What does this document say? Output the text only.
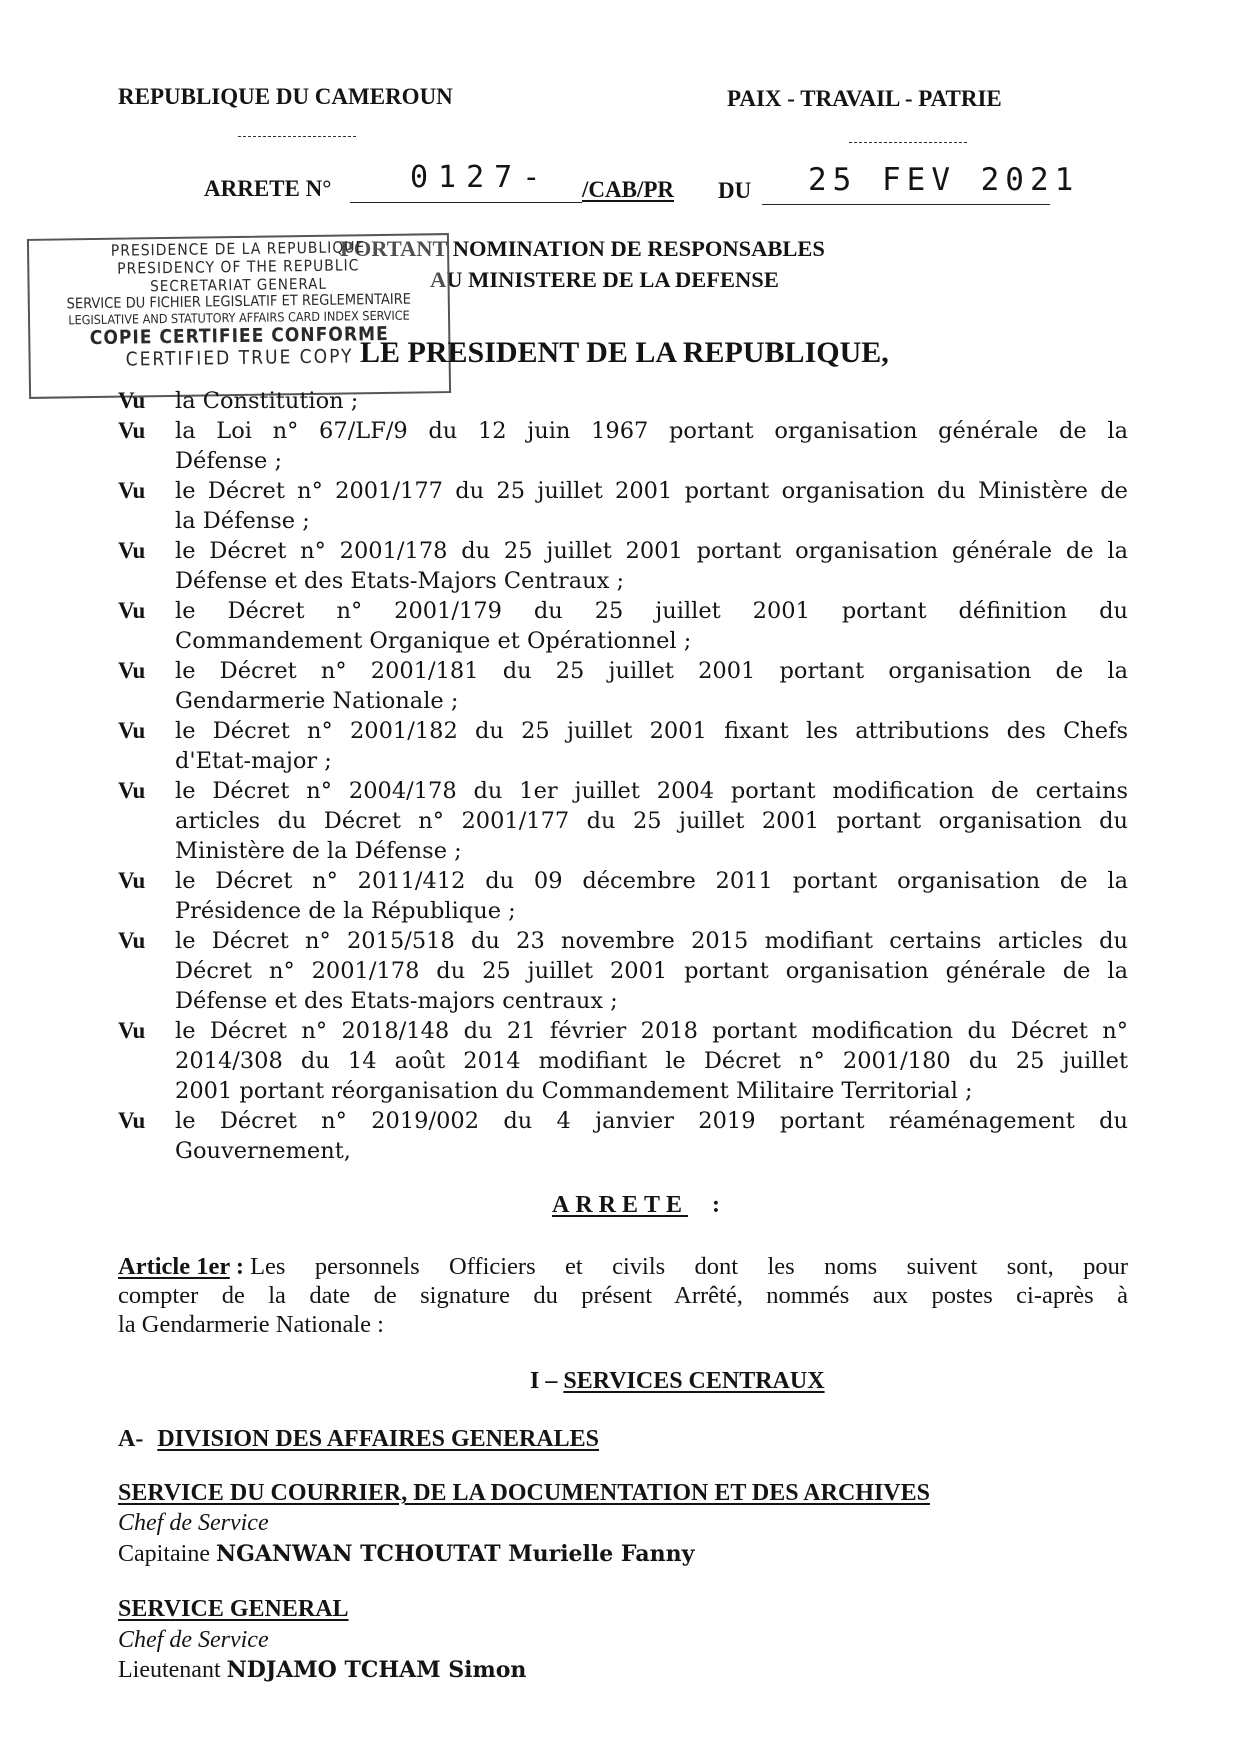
REPUBLIQUE DU CAMEROUN	PAIX - TRAVAIL - PATRIE
ARRETE N°	0127- /CAB/PR DU 25 FEV 2021
PORTANT NOMINATION DE RESPONSABLES
AU MINISTERE DE LA DEFENSE
PRESIDENCE DE LA REPUBLIQUE
PRESIDENCY OF THE REPUBLIC
SECRETARIAT GENERAL
SERVICE DU FICHIER LEGISLATIF ET REGLEMENTAIRE
LEGISLATIVE AND STATUTORY AFFAIRS CARD INDEX SERVICE
COPIE CERTIFIEE CONFORME
CERTIFIED TRUE COPY LE PRESIDENT DE LA REPUBLIQUE,
Vu	la Constitution ;
Vu	la Loi n° 67/LF/9 du 12 juin 1967 portant organisation générale de la
Défense ;
Vu	le Décret n° 2001/177 du 25 juillet 2001 portant organisation du Ministère de
la Défense ;
Vu	le Décret n° 2001/178 du 25 juillet 2001 portant organisation générale de la
Défense et des Etats-Majors Centraux ;
Vu	le Décret n° 2001/179 du 25 juillet 2001 portant définition du
Commandement Organique et Opérationnel ;
Vu	le Décret n° 2001/181 du 25 juillet 2001 portant organisation de la
Gendarmerie Nationale ;
Vu	le Décret n° 2001/182 du 25 juillet 2001 fixant les attributions des Chefs
d'Etat-major ;
Vu	le Décret n° 2004/178 du 1er juillet 2004 portant modification de certains
articles du Décret n° 2001/177 du 25 juillet 2001 portant organisation du
Ministère de la Défense ;
Vu	le Décret n° 2011/412 du 09 décembre 2011 portant organisation de la
Présidence de la République ;
Vu	le Décret n° 2015/518 du 23 novembre 2015 modifiant certains articles du
Décret n° 2001/178 du 25 juillet 2001 portant organisation générale de la
Défense et des Etats-majors centraux ;
Vu	le Décret n° 2018/148 du 21 février 2018 portant modification du Décret n°
2014/308 du 14 août 2014 modifiant le Décret n° 2001/180 du 25 juillet
2001 portant réorganisation du Commandement Militaire Territorial ;
Vu	le Décret n° 2019/002 du 4 janvier 2019 portant réaménagement du
Gouvernement,
ARRETE :
Article 1er : Les personnels Officiers et civils dont les noms suivent sont, pour
compter de la date de signature du présent Arrêté, nommés aux postes ci-après à
la Gendarmerie Nationale :
I – SERVICES CENTRAUX
A- DIVISION DES AFFAIRES GENERALES
SERVICE DU COURRIER, DE LA DOCUMENTATION ET DES ARCHIVES
Chef de Service
Capitaine NGANWAN TCHOUTAT Murielle Fanny
SERVICE GENERAL
Chef de Service
Lieutenant NDJAMO TCHAM Simon
